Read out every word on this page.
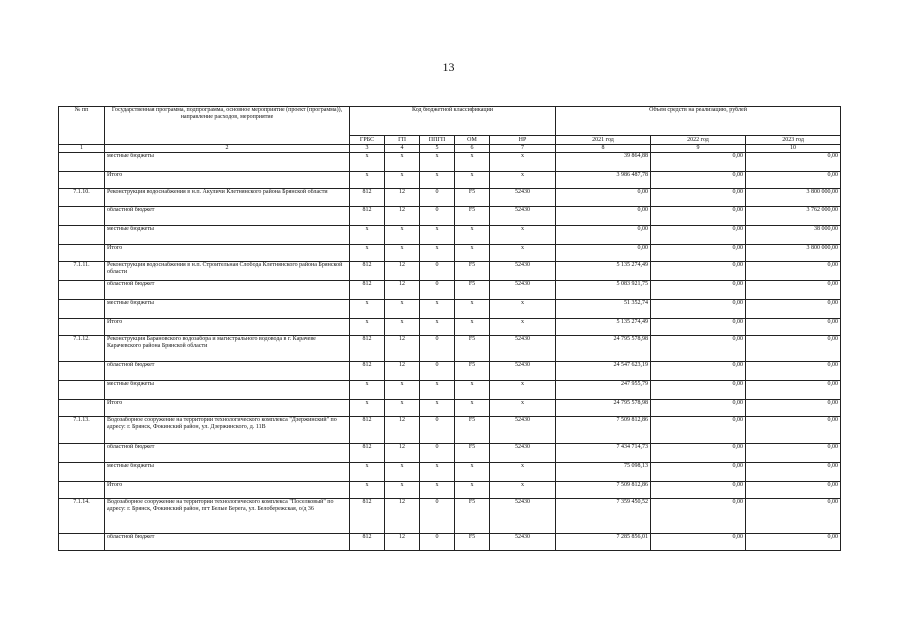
13
№ пп	Государственная программа, подпрограмма, основное мероприятие (проект (программа)), направление расходов, мероприятие	Код бюджетной классификации					Объем средств на реализацию, рублей		
		ГРБС	ГП	ППГП	ОМ	НР	2021 год	2022 год	2023 год
1	2	3	4	5	6	7	8	9	10
	местные бюджеты	х	х	х	х	х	39 864,88	0,00	0,00
	Итого	х	х	х	х	х	3 986 487,78	0,00	0,00
7.1.10.	Реконструкция водоснабжения в н.п. Акуличи Клетнянского района Брянской области	812	12	0	F5	52430	0,00	0,00	3 800 000,00
	областной бюджет	812	12	0	F5	52430	0,00	0,00	3 762 000,00
	местные бюджеты	х	х	х	х	х	0,00	0,00	38 000,00
	Итого	х	х	х	х	х	0,00	0,00	3 800 000,00
7.1.11.	Реконструкция водоснабжения в н.п. Строительная Слобода Клетнянского района Брянской области	812	12	0	F5	52430	5 135 274,49	0,00	0,00
	областной бюджет	812	12	0	F5	52430	5 083 921,75	0,00	0,00
	местные бюджеты	х	х	х	х	х	51 352,74	0,00	0,00
	Итого	х	х	х	х	х	5 135 274,49	0,00	0,00
7.1.12.	Реконструкция Барановского водозабора и магистрального водовода в г. Карачеве Карачевского района Брянской области	812	12	0	F5	52430	24 795 578,98	0,00	0,00
	областной бюджет	812	12	0	F5	52430	24 547 623,19	0,00	0,00
	местные бюджеты	х	х	х	х	х	247 955,79	0,00	0,00
	Итого	х	х	х	х	х	24 795 578,98	0,00	0,00
7.1.13.	Водозаборное сооружение на территории технологического комплекса "Дзержинский" по адресу: г. Брянск, Фокинский район, ул. Дзержинского, д. 11В	812	12	0	F5	52430	7 509 812,86	0,00	0,00
	областной бюджет	812	12	0	F5	52430	7 434 714,73	0,00	0,00
	местные бюджеты	х	х	х	х	х	75 098,13	0,00	0,00
	Итого	х	х	х	х	х	7 509 812,86	0,00	0,00
7.1.14.	Водозаборное сооружение на территории технологического комплекса "Поселковый" по адресу: г. Брянск, Фокинский район, пгт Белые Берега, ул. Белобережская, о/д 36	812	12	0	F5	52430	7 359 450,52	0,00	0,00
	областной бюджет	812	12	0	F5	52430	7 285 856,01	0,00	0,00
